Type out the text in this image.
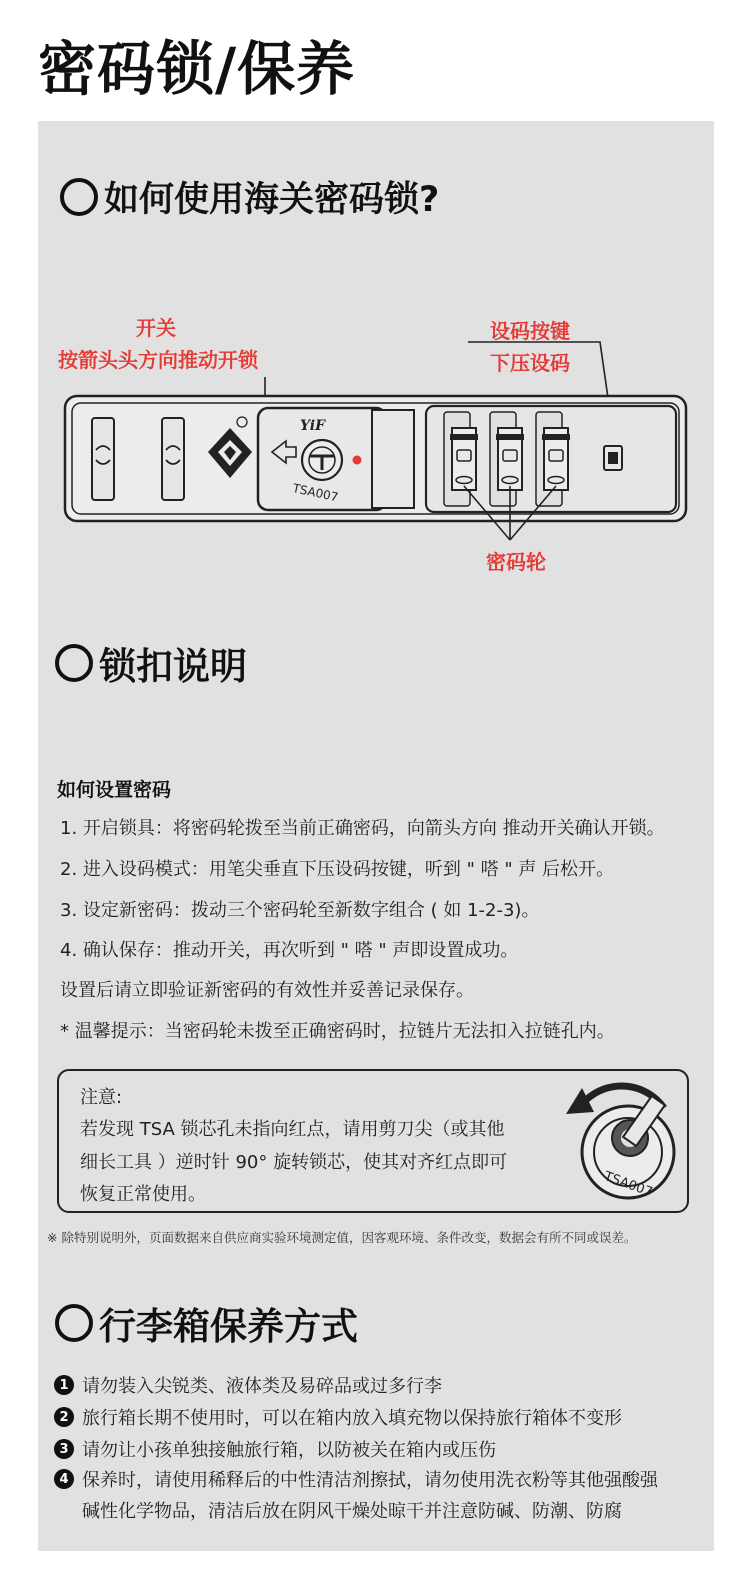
密码锁/保养
如何使用海关密码锁?
开关
按箭头头方向推动开锁
设码按键
下压设码
密码轮
YiF
TSA007
锁扣说明
如何设置密码
1. 开启锁具：将密码轮拨至当前正确密码，向箭头方向 推动开关确认开锁。
2. 进入设码模式：用笔尖垂直下压设码按键，听到 " 嗒 " 声 后松开。
3. 设定新密码：拨动三个密码轮至新数字组合 ( 如 1-2-3)。
4. 确认保存：推动开关，再次听到 " 嗒 " 声即设置成功。
设置后请立即验证新密码的有效性并妥善记录保存。
* 温馨提示：当密码轮未拨至正确密码时，拉链片无法扣入拉链孔内。
注意:
若发现 TSA 锁芯孔未指向红点，请用剪刀尖（或其他
细长工具 ）逆时针 90° 旋转锁芯，使其对齐红点即可
恢复正常使用。	TSA007
※ 除特别说明外，页面数据来自供应商实验环境测定值，因客观环境、条件改变，数据会有所不同或误差。
行李箱保养方式
1 请勿装入尖锐类、液体类及易碎品或过多行李
2 旅行箱长期不使用时，可以在箱内放入填充物以保持旅行箱体不变形
3 请勿让小孩单独接触旅行箱，以防被关在箱内或压伤
4 保养时，请使用稀释后的中性清洁剂擦拭，请勿使用洗衣粉等其他强酸强
碱性化学物品，清洁后放在阴风干燥处晾干并注意防碱、防潮、防腐
